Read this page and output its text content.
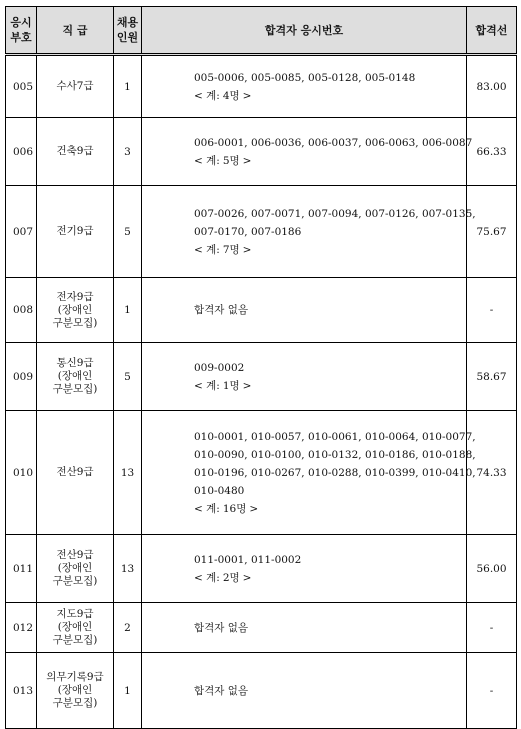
응시
부호	직 급	채용
인원	합격자 응시번호	합격선
005	수사7급	1	005-0006, 005-0085, 005-0128, 005-0148
< 계: 4명 >	83.00
006	건축9급	3	006-0001, 006-0036, 006-0037, 006-0063, 006-0087
< 계: 5명 >	66.33
007	전기9급	5	007-0026, 007-0071, 007-0094, 007-0126, 007-0135,
007-0170, 007-0186
< 계: 7명 >	75.67
008	전자9급
(장애인
구분모집)	1	합격자 없음	-
009	통신9급
(장애인
구분모집)	5	009-0002
< 계: 1명 >	58.67
010	전산9급	13	010-0001, 010-0057, 010-0061, 010-0064, 010-0077,
010-0090, 010-0100, 010-0132, 010-0186, 010-0188,
010-0196, 010-0267, 010-0288, 010-0399, 010-0410,
010-0480
< 계: 16명 >	74.33
011	전산9급
(장애인
구분모집)	13	011-0001, 011-0002
< 계: 2명 >	56.00
012	지도9급
(장애인
구분모집)	2	합격자 없음	-
013	의무기록9급
(장애인
구분모집)	1	합격자 없음	-
